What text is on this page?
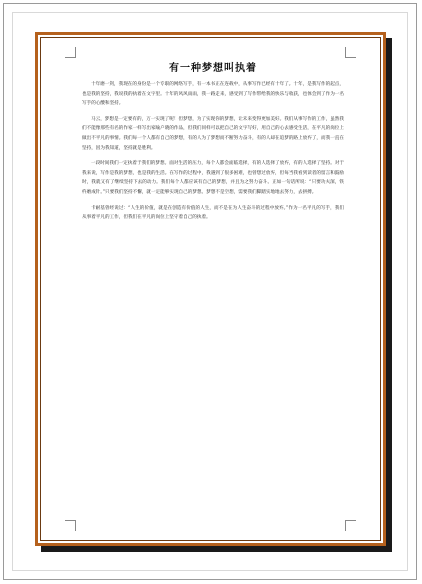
有一种梦想叫执着

十年磨一剑，我现在的身份是一个专职的网络写手，有一本书正在连载中，从事写作已经有十年了。十年，是我写作的起点，也是我的坚持，我说我的执着在文字里。十年的风风雨雨，我一路走来，感受到了写作带给我的快乐与收获，也体会到了作为一名写手的心酸和坚持。

马云，梦想是一定要有的，万一实现了呢！但梦想，为了实现你的梦想，让未来变得更加美好。我们从事写作的工作，虽然我们不能像那些有名的作家一样写出家喻户晓的作品，但我们同样可以把自己的文字写好，用自己的心去感受生活，在平凡的岗位上做出不平凡的事情。我们每一个人都有自己的梦想，有的人为了梦想而不断努力奋斗，有的人却在追梦的路上放弃了，而我一直在坚持，因为我知道，坚持就是胜利。

一段时间我们一定执着于我们的梦想。面对生活的压力，每个人都会面临选择，有的人选择了放弃，有的人选择了坚持。对于我来说，写作是我的梦想，也是我的生活。在写作的过程中，我遇到了很多困难，也曾想过放弃，但每当我看到读者的留言和鼓励时，我就又有了继续坚持下去的动力。我们每个人都应该有自己的梦想，并且为之努力奋斗。正如一句话所说：“只要功夫深，铁杵磨成针。”只要我们坚持不懈，就一定能够实现自己的梦想。梦想不是空想，需要我们脚踏实地地去努力，去拼搏。

卡耐基曾经说过：“人生的价值，就是在创造有价值的人生，而不是在为人生奋斗的过程中放弃。”作为一名平凡的写手，我们从事着平凡的工作，但我们在平凡的岗位上坚守着自己的执着。
